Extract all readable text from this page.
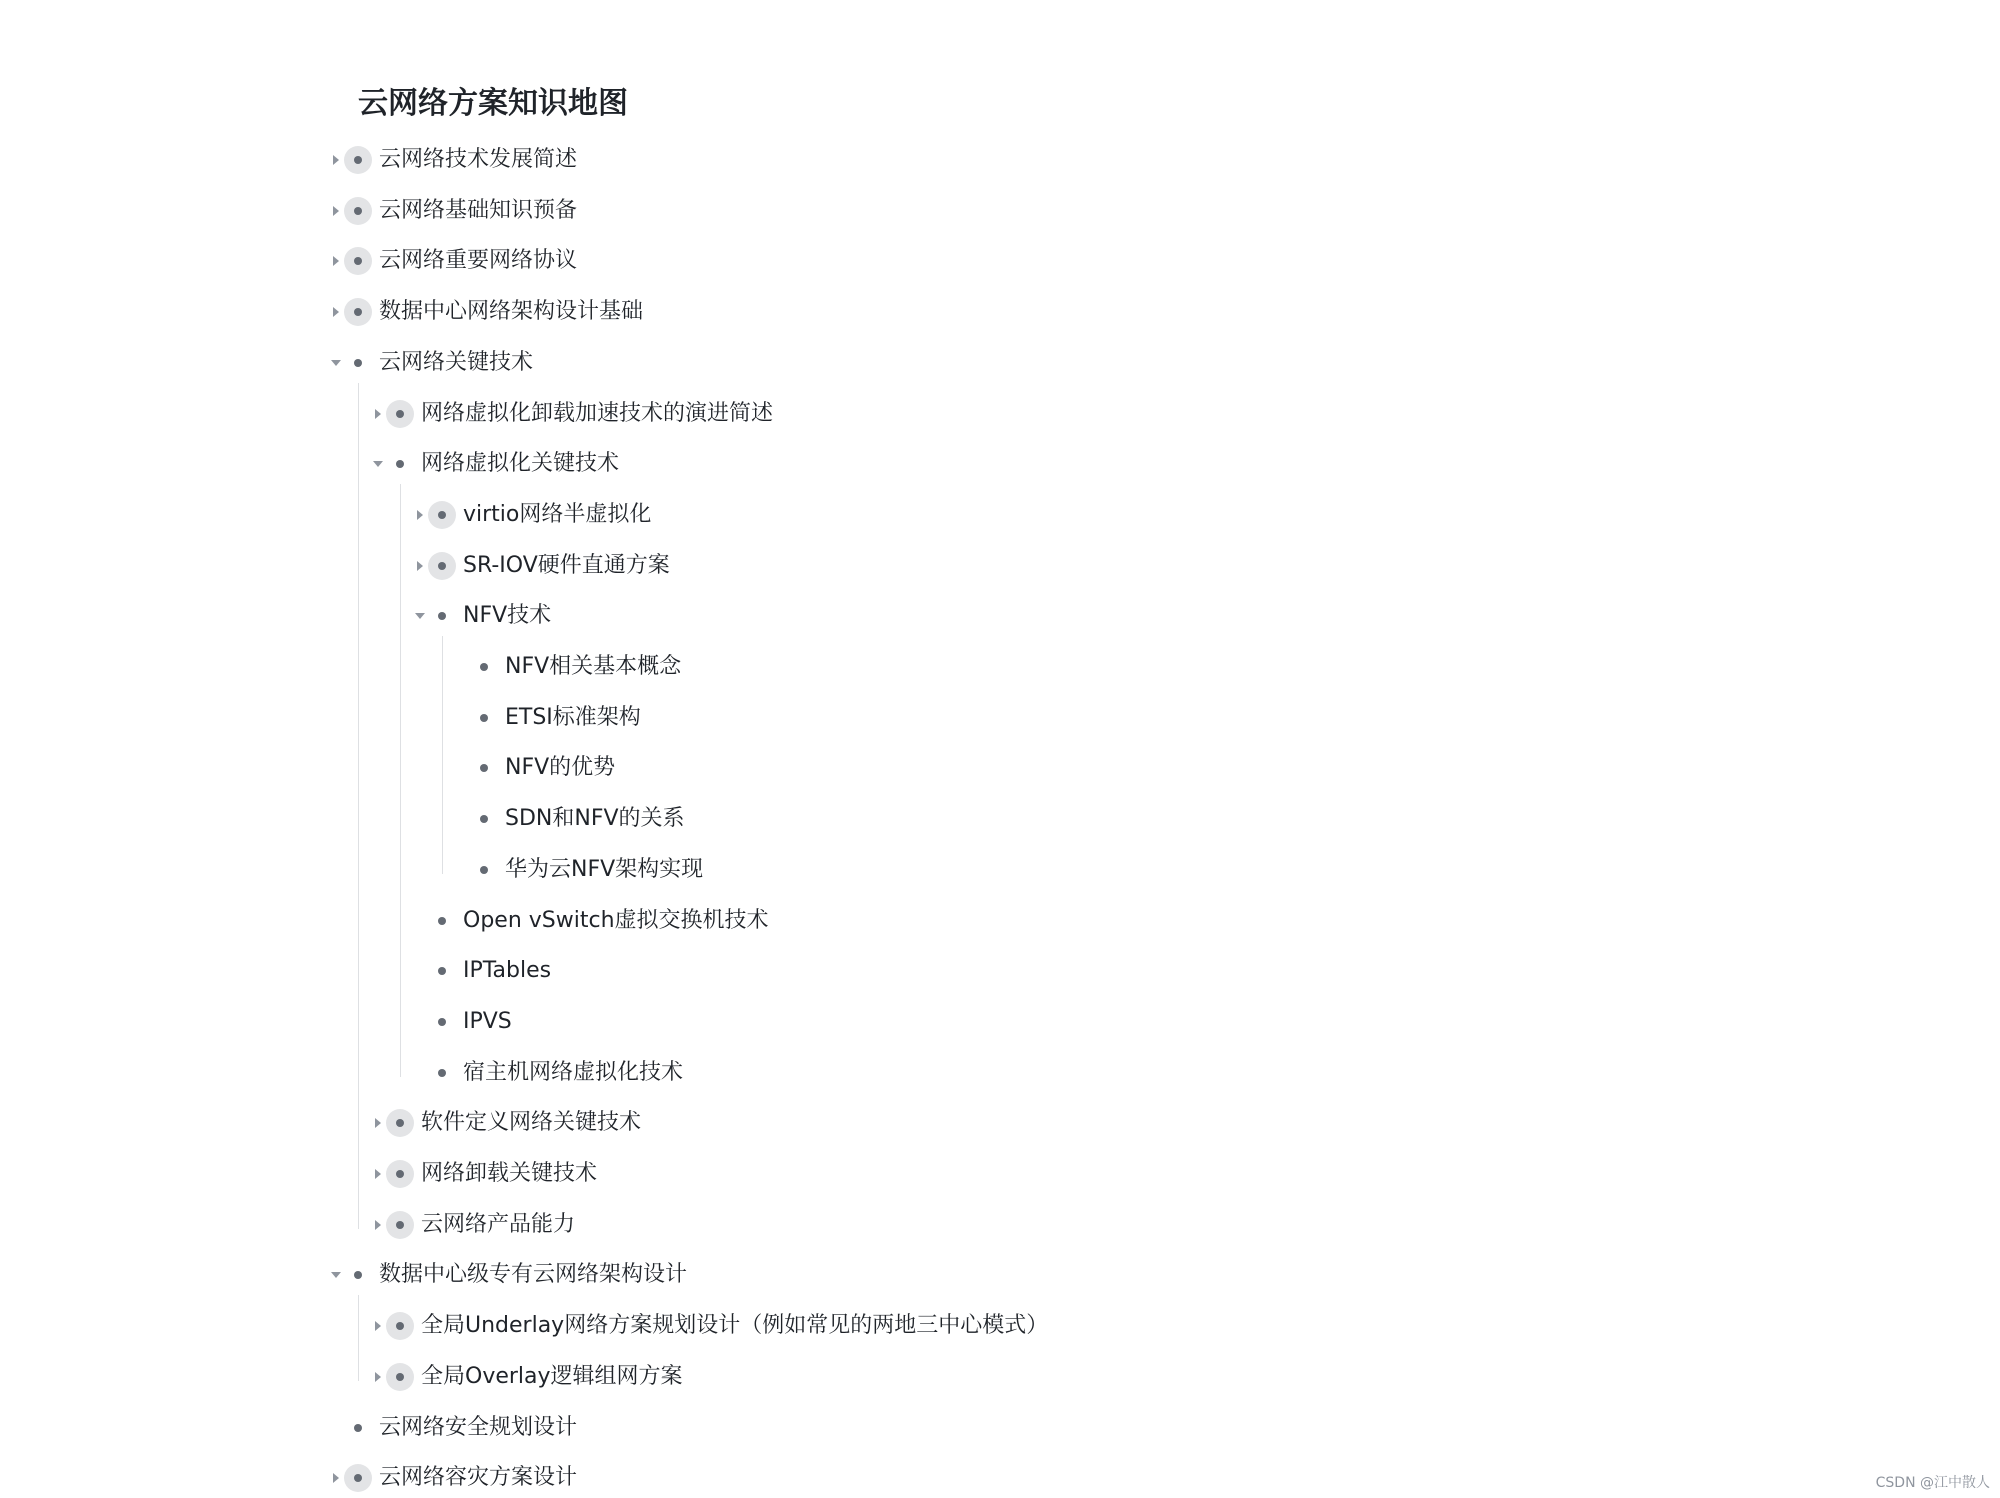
云网络方案知识地图
云网络技术发展简述
云网络基础知识预备
云网络重要网络协议
数据中心网络架构设计基础
云网络关键技术
网络虚拟化卸载加速技术的演进简述
网络虚拟化关键技术
virtio网络半虚拟化
SR-IOV硬件直通方案
NFV技术
NFV相关基本概念
ETSI标准架构
NFV的优势
SDN和NFV的关系
华为云NFV架构实现
Open vSwitch虚拟交换机技术
IPTables
IPVS
宿主机网络虚拟化技术
软件定义网络关键技术
网络卸载关键技术
云网络产品能力
数据中心级专有云网络架构设计
全局Underlay网络方案规划设计（例如常见的两地三中心模式）
全局Overlay逻辑组网方案
云网络安全规划设计
云网络容灾方案设计	CSDN @江中散人
